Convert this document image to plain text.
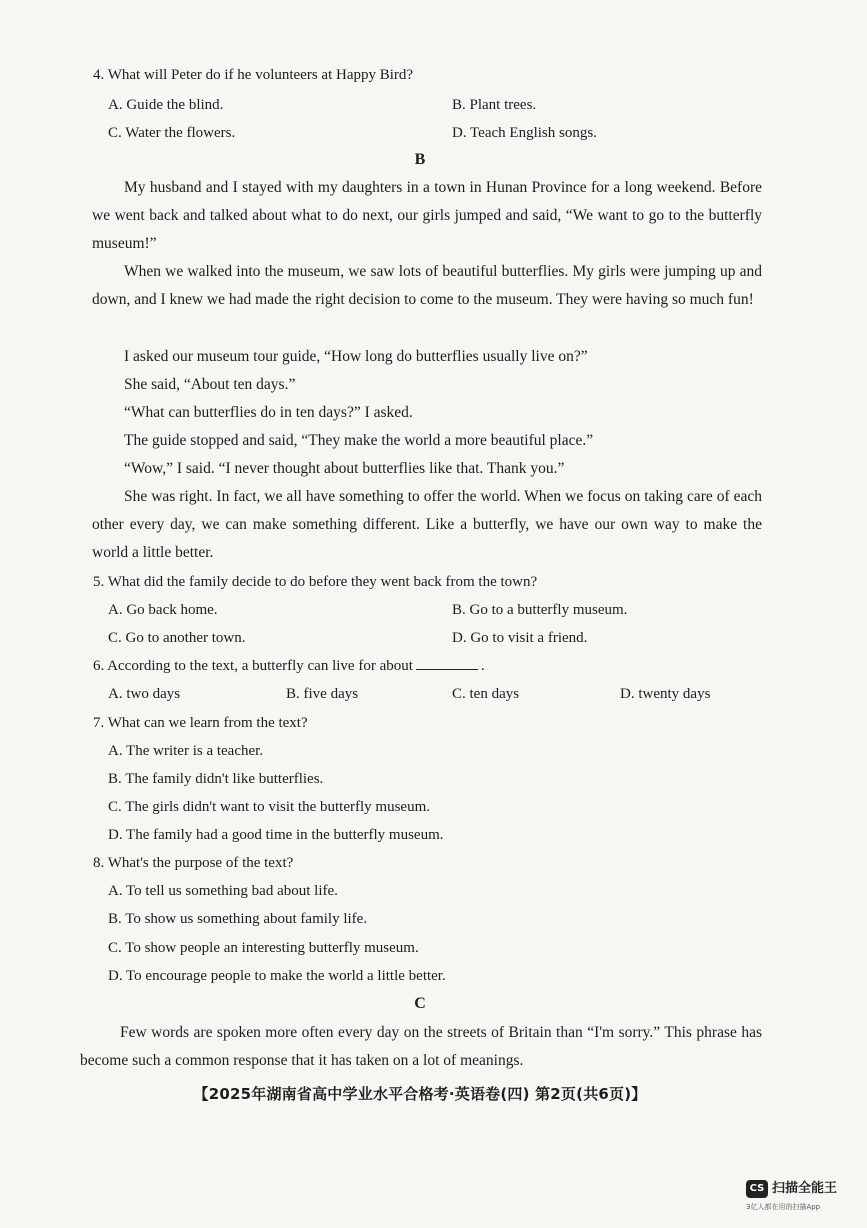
4. What will Peter do if he volunteers at Happy Bird?
A. Guide the blind.	B. Plant trees.
C. Water the flowers.	D. Teach English songs.
B
My husband and I stayed with my daughters in a town in Hunan Province for a long weekend. Before we went back and talked about what to do next, our girls jumped and said, “We want to go to the butterfly museum!”
When we walked into the museum, we saw lots of beautiful butterflies. My girls were jumping up and down, and I knew we had made the right decision to come to the museum. They were having so much fun!
I asked our museum tour guide, “How long do butterflies usually live on?”
She said, “About ten days.”
“What can butterflies do in ten days?” I asked.
The guide stopped and said, “They make the world a more beautiful place.”
“Wow,” I said. “I never thought about butterflies like that. Thank you.”
She was right. In fact, we all have something to offer the world. When we focus on taking care of each other every day, we can make something different. Like a butterfly, we have our own way to make the world a little better.
5. What did the family decide to do before they went back from the town?
A. Go back home.	B. Go to a butterfly museum.
C. Go to another town.	D. Go to visit a friend.
6. According to the text, a butterfly can live for about	.
A. two days	B. five days	C. ten days	D. twenty days
7. What can we learn from the text?
A. The writer is a teacher.
B. The family didn't like butterflies.
C. The girls didn't want to visit the butterfly museum.
D. The family had a good time in the butterfly museum.
8. What's the purpose of the text?
A. To tell us something bad about life.
B. To show us something about family life.
C. To show people an interesting butterfly museum.
D. To encourage people to make the world a little better.
C
Few words are spoken more often every day on the streets of Britain than “I'm sorry.” This phrase has become such a common response that it has taken on a lot of meanings.
【2025年湖南省高中学业水平合格考·英语卷(四) 第2页(共6页)】
CS 扫描全能王
3亿人都在用的扫描App
